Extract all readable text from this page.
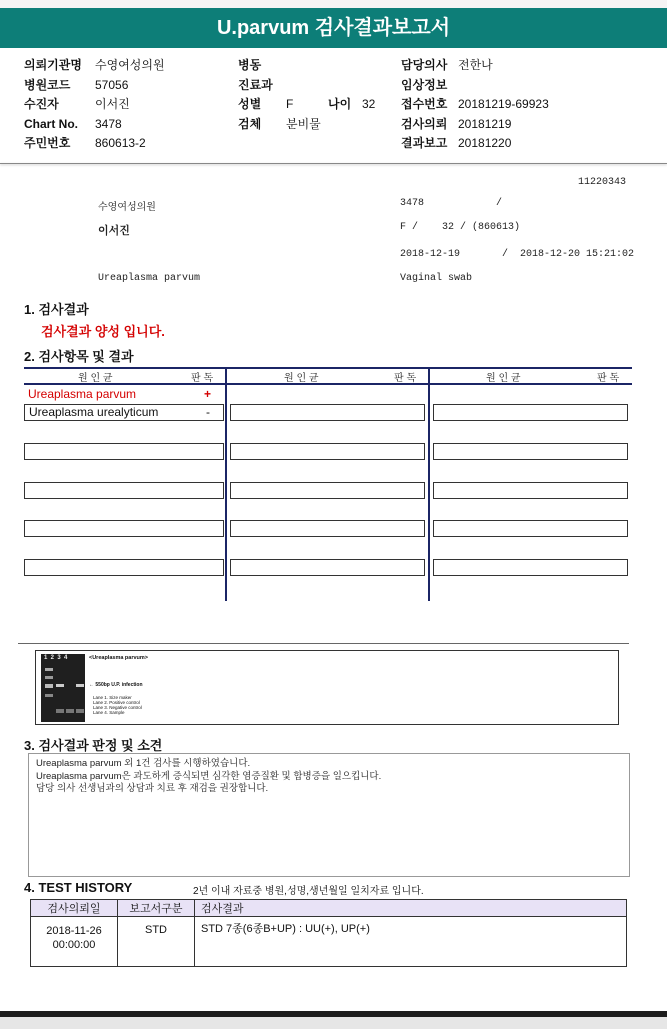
U.parvum 검사결과보고서
의뢰기관명 수영여성의원
병원코드 57056
수진자	이서진
Chart No. 3478
주민번호 860613-2
병동
진료과
성별 F	나이 32
검체 분비물
담당의사 전한나
임상정보
접수번호 20181219-69923
검사의뢰 20181219
결과보고 20181220
11220343
수영여성의원	3478	/
이서진	F /    32 / (860613)
2018-12-19       /  2018-12-20 15:21:02
Ureaplasma parvum	Vaginal swab
1. 검사결과
검사결과 양성 입니다.
2. 검사항목 및 결과
원 인 균	판 독	원 인 균	판 독	원 인 균	판 독
Ureaplasma parvum	+
Ureaplasma urealyticum	-
1  2  3  4	<Ureaplasma parvum>
← 550bp U.P. infection
Lane 1. Size maker
Lane 2. Positive control
Lane 3. Negative control
Lane 4. Sample
3. 검사결과 판정 및 소견
Ureaplasma parvum 외 1건 검사를 시행하였습니다.
Ureaplasma parvum은 과도하게 증식되면 심각한 염증질환 및 합병증을 일으킵니다.
담당 의사 선생님과의 상담과 치료 후 재검을 권장합니다.
4. TEST HISTORY	2년 이내 자료중 병원,성명,생년월일 일치자료 입니다.
검사의뢰일	보고서구분	검사결과

2018-11-26
00:00:00	STD	STD 7종(6종B+UP) : UU(+), UP(+)
